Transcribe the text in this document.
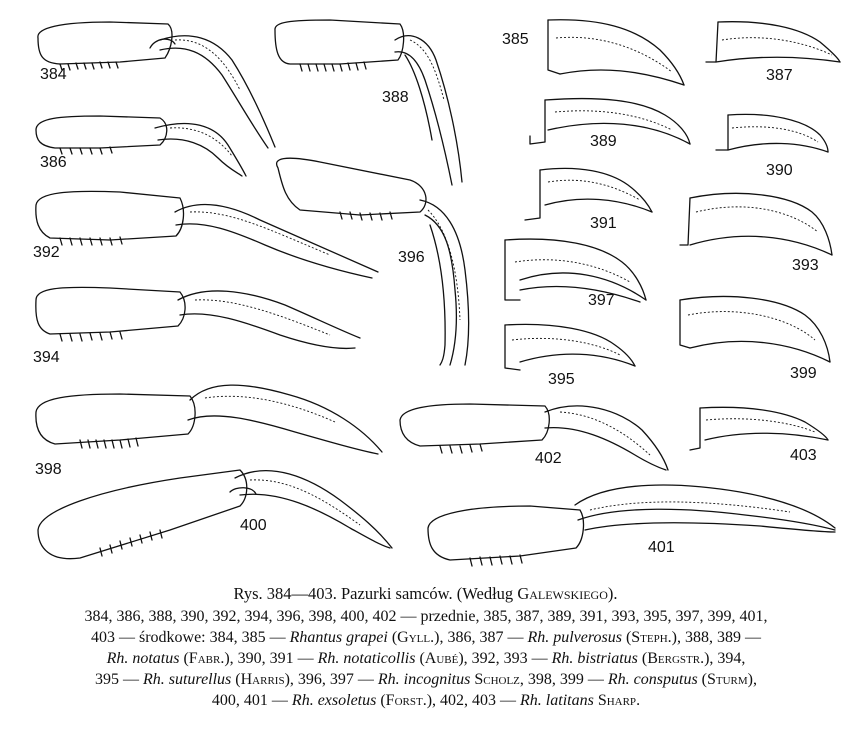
384
388
386
392	396
394
398
400
402
401
385
387
389
390
391
393
397
399
395
403
Rys. 384—403. Pazurki samców. (Według Galewskiego).
384, 386, 388, 390, 392, 394, 396, 398, 400, 402 — przednie, 385, 387, 389, 391, 393, 395, 397, 399, 401,
403 — środkowe: 384, 385 — Rhantus grapei (Gyll.), 386, 387 — Rh. pulverosus (Steph.), 388, 389 —
Rh. notatus (Fabr.), 390, 391 — Rh. notaticollis (Aubé), 392, 393 — Rh. bistriatus (Bergstr.), 394,
395 — Rh. suturellus (Harris), 396, 397 — Rh. incognitus Scholz, 398, 399 — Rh. consputus (Sturm),
400, 401 — Rh. exsoletus (Forst.), 402, 403 — Rh. latitans Sharp.
